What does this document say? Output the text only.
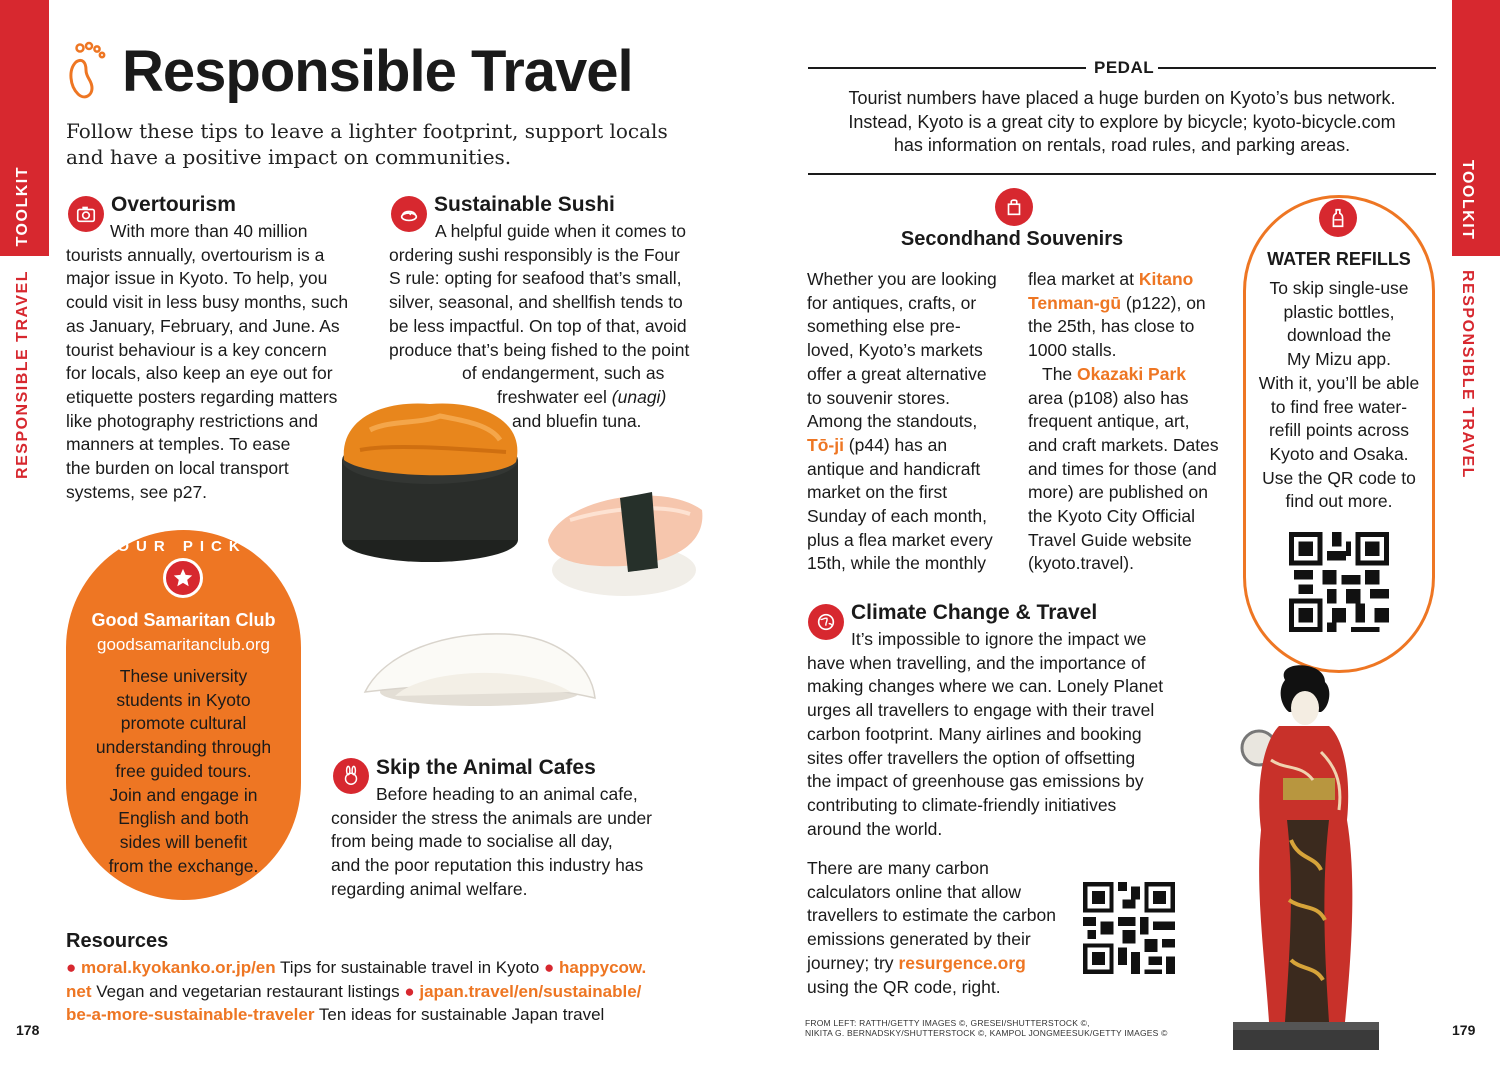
TOOLKIT
RESPONSIBLE TRAVEL
TOOLKIT
RESPONSIBLE TRAVEL
Responsible Travel
Follow these tips to leave a lighter footprint, support locals and have a positive impact on communities.
Overtourism

With more than 40 million

tourists annually, overtourism is a

major issue in Kyoto. To help, you

could visit in less busy months, such

as January, February, and June. As

tourist behaviour is a key concern

for locals, also keep an eye out for

etiquette posters regarding matters

like photography restrictions and

manners at temples. To ease

the burden on local transport

systems, see p27.

Sustainable Sushi

A helpful guide when it comes to

ordering sushi responsibly is the Four

S rule: opting for seafood that’s small,

silver, seasonal, and shellfish tends to

be less impactful. On top of that, avoid

produce that’s being fished to the point

of endangerment, such as

freshwater eel (unagi)

and bluefin tuna.

OUR PICK
Good Samaritan Club
goodsamaritanclub.org

These university

students in Kyoto

promote cultural

understanding through

free guided tours.

Join and engage in

English and both

sides will benefit

from the exchange.

Skip the Animal Cafes

Before heading to an animal cafe,

consider the stress the animals are under

from being made to socialise all day,

and the poor reputation this industry has

regarding animal welfare.

Resources

● moral.kyokanko.or.jp/en Tips for sustainable travel in Kyoto ● happycow.

net Vegan and vegetarian restaurant listings ● japan.travel/en/sustainable/

be-a-more-sustainable-traveler Ten ideas for sustainable Japan travel

178	179
PEDAL

Tourist numbers have placed a huge burden on Kyoto’s bus network.

Instead, Kyoto is a great city to explore by bicycle; kyoto-bicycle.com

has information on rentals, road rules, and parking areas.

Secondhand Souvenirs

Whether you are looking

for antiques, crafts, or

something else pre-

loved, Kyoto’s markets

offer a great alternative

to souvenir stores.

Among the standouts,

Tō-ji (p44) has an

antique and handicraft

market on the first

Sunday of each month,

plus a flea market every

15th, while the monthly

flea market at Kitano

Tenman-gū (p122), on

the 25th, has close to

1000 stalls.

The Okazaki Park

area (p108) also has

frequent antique, art,

and craft markets. Dates

and times for those (and

more) are published on

the Kyoto City Official

Travel Guide website

(kyoto.travel).

Climate Change & Travel

It’s impossible to ignore the impact we

have when travelling, and the importance of

making changes where we can. Lonely Planet

urges all travellers to engage with their travel

carbon footprint. Many airlines and booking

sites offer travellers the option of offsetting

the impact of greenhouse gas emissions by

contributing to climate-friendly initiatives

around the world.

There are many carbon

calculators online that allow

travellers to estimate the carbon

emissions generated by their

journey; try resurgence.org

using the QR code, right.

WATER REFILLS

To skip single-use

plastic bottles,

download the

My Mizu app.

With it, you’ll be able

to find free water-

refill points across

Kyoto and Osaka.

Use the QR code to

find out more.

FROM LEFT: RATTH/GETTY IMAGES ©, GRESEI/SHUTTERSTOCK ©,
NIKITA G. BERNADSKY/SHUTTERSTOCK ©, KAMPOL JONGMEESUK/GETTY IMAGES ©
